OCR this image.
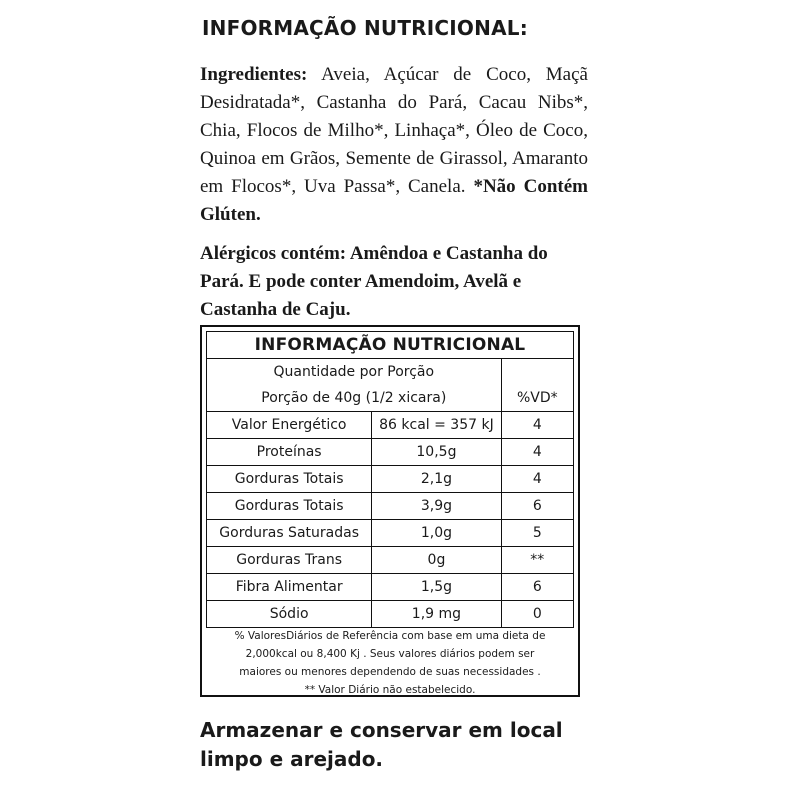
INFORMAÇÃO NUTRICIONAL:

Ingredientes: Aveia, Açúcar de Coco, Maçã Desidratada*, Castanha do Pará, Cacau Nibs*, Chia, Flocos de Milho*, Linhaça*, Óleo de Coco, Quinoa em Grãos, Semente de Girassol, Amaranto em Flocos*, Uva Passa*, Canela. *Não Contém Glúten.

Alérgicos contém: Amêndoa e Castanha do Pará. E pode conter Amendoim, Avelã e Castanha de Caju.

INFORMAÇÃO NUTRICIONAL		
Quantidade por Porção		
Porção de 40g (1/2 xicara)		%VD*
Valor Energético	86 kcal = 357 kJ	4
Proteínas	10,5g	4
Gorduras Totais	2,1g	4
Gorduras Totais	3,9g	6
Gorduras Saturadas	1,0g	5
Gorduras Trans	0g	**
Fibra Alimentar	1,5g	6
Sódio	1,9 mg	0

% ValoresDiários de Referência com base em uma dieta de

2,000kcal ou 8,400 Kj . Seus valores diários podem ser

maiores ou menores dependendo de suas necessidades .

** Valor Diário não estabelecido.

Armazenar e conservar em local limpo e arejado.
